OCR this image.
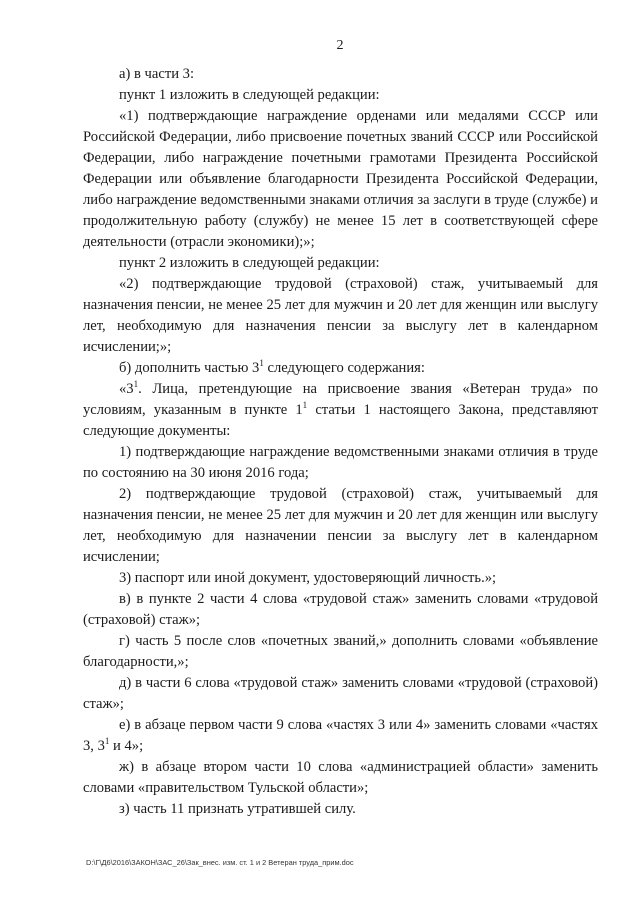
2

а) в части 3:

пункт 1 изложить в следующей редакции:

«1) подтверждающие награждение орденами или медалями СССР или Российской Федерации, либо присвоение почетных званий СССР или Российской Федерации, либо награждение почетными грамотами Президента Российской Федерации или объявление благодарности Президента Российской Федерации, либо награждение ведомственными знаками отличия за заслуги в труде (службе) и продолжительную работу (службу) не менее 15 лет в соответствующей сфере деятельности (отрасли экономики);»;

пункт 2 изложить в следующей редакции:

«2) подтверждающие трудовой (страховой) стаж, учитываемый для назначения пенсии, не менее 25 лет для мужчин и 20 лет для женщин или выслугу лет, необходимую для назначения пенсии за выслугу лет в календарном исчислении;»;

б) дополнить частью $3^1$ следующего содержания:

«$3^1$. Лица, претендующие на присвоение звания «Ветеран труда» по условиям, указанным в пункте $1^1$ статьи 1 настоящего Закона, представляют следующие документы:

1) подтверждающие награждение ведомственными знаками отличия в труде по состоянию на 30 июня 2016 года;

2) подтверждающие трудовой (страховой) стаж, учитываемый для назначения пенсии, не менее 25 лет для мужчин и 20 лет для женщин или выслугу лет, необходимую для назначении пенсии за выслугу лет в календарном исчислении;

3) паспорт или иной документ, удостоверяющий личность.»;

в) в пункте 2 части 4 слова «трудовой стаж» заменить словами «трудовой (страховой) стаж»;

г) часть 5 после слов «почетных званий,» дополнить словами «объявление благодарности,»;

д) в части 6 слова «трудовой стаж» заменить словами «трудовой (страховой) стаж»;

е) в абзаце первом части 9 слова «частях 3 или 4» заменить словами «частях 3, $3^1$ и 4»;

ж) в абзаце втором части 10 слова «администрацией области» заменить словами «правительством Тульской области»;

з) часть 11 признать утратившей силу.

D:\Г\Д6\2016\ЗАКОН\ЗАС_26\Зак_внес. изм. ст. 1 и 2 Ветеран труда_прим.doc
